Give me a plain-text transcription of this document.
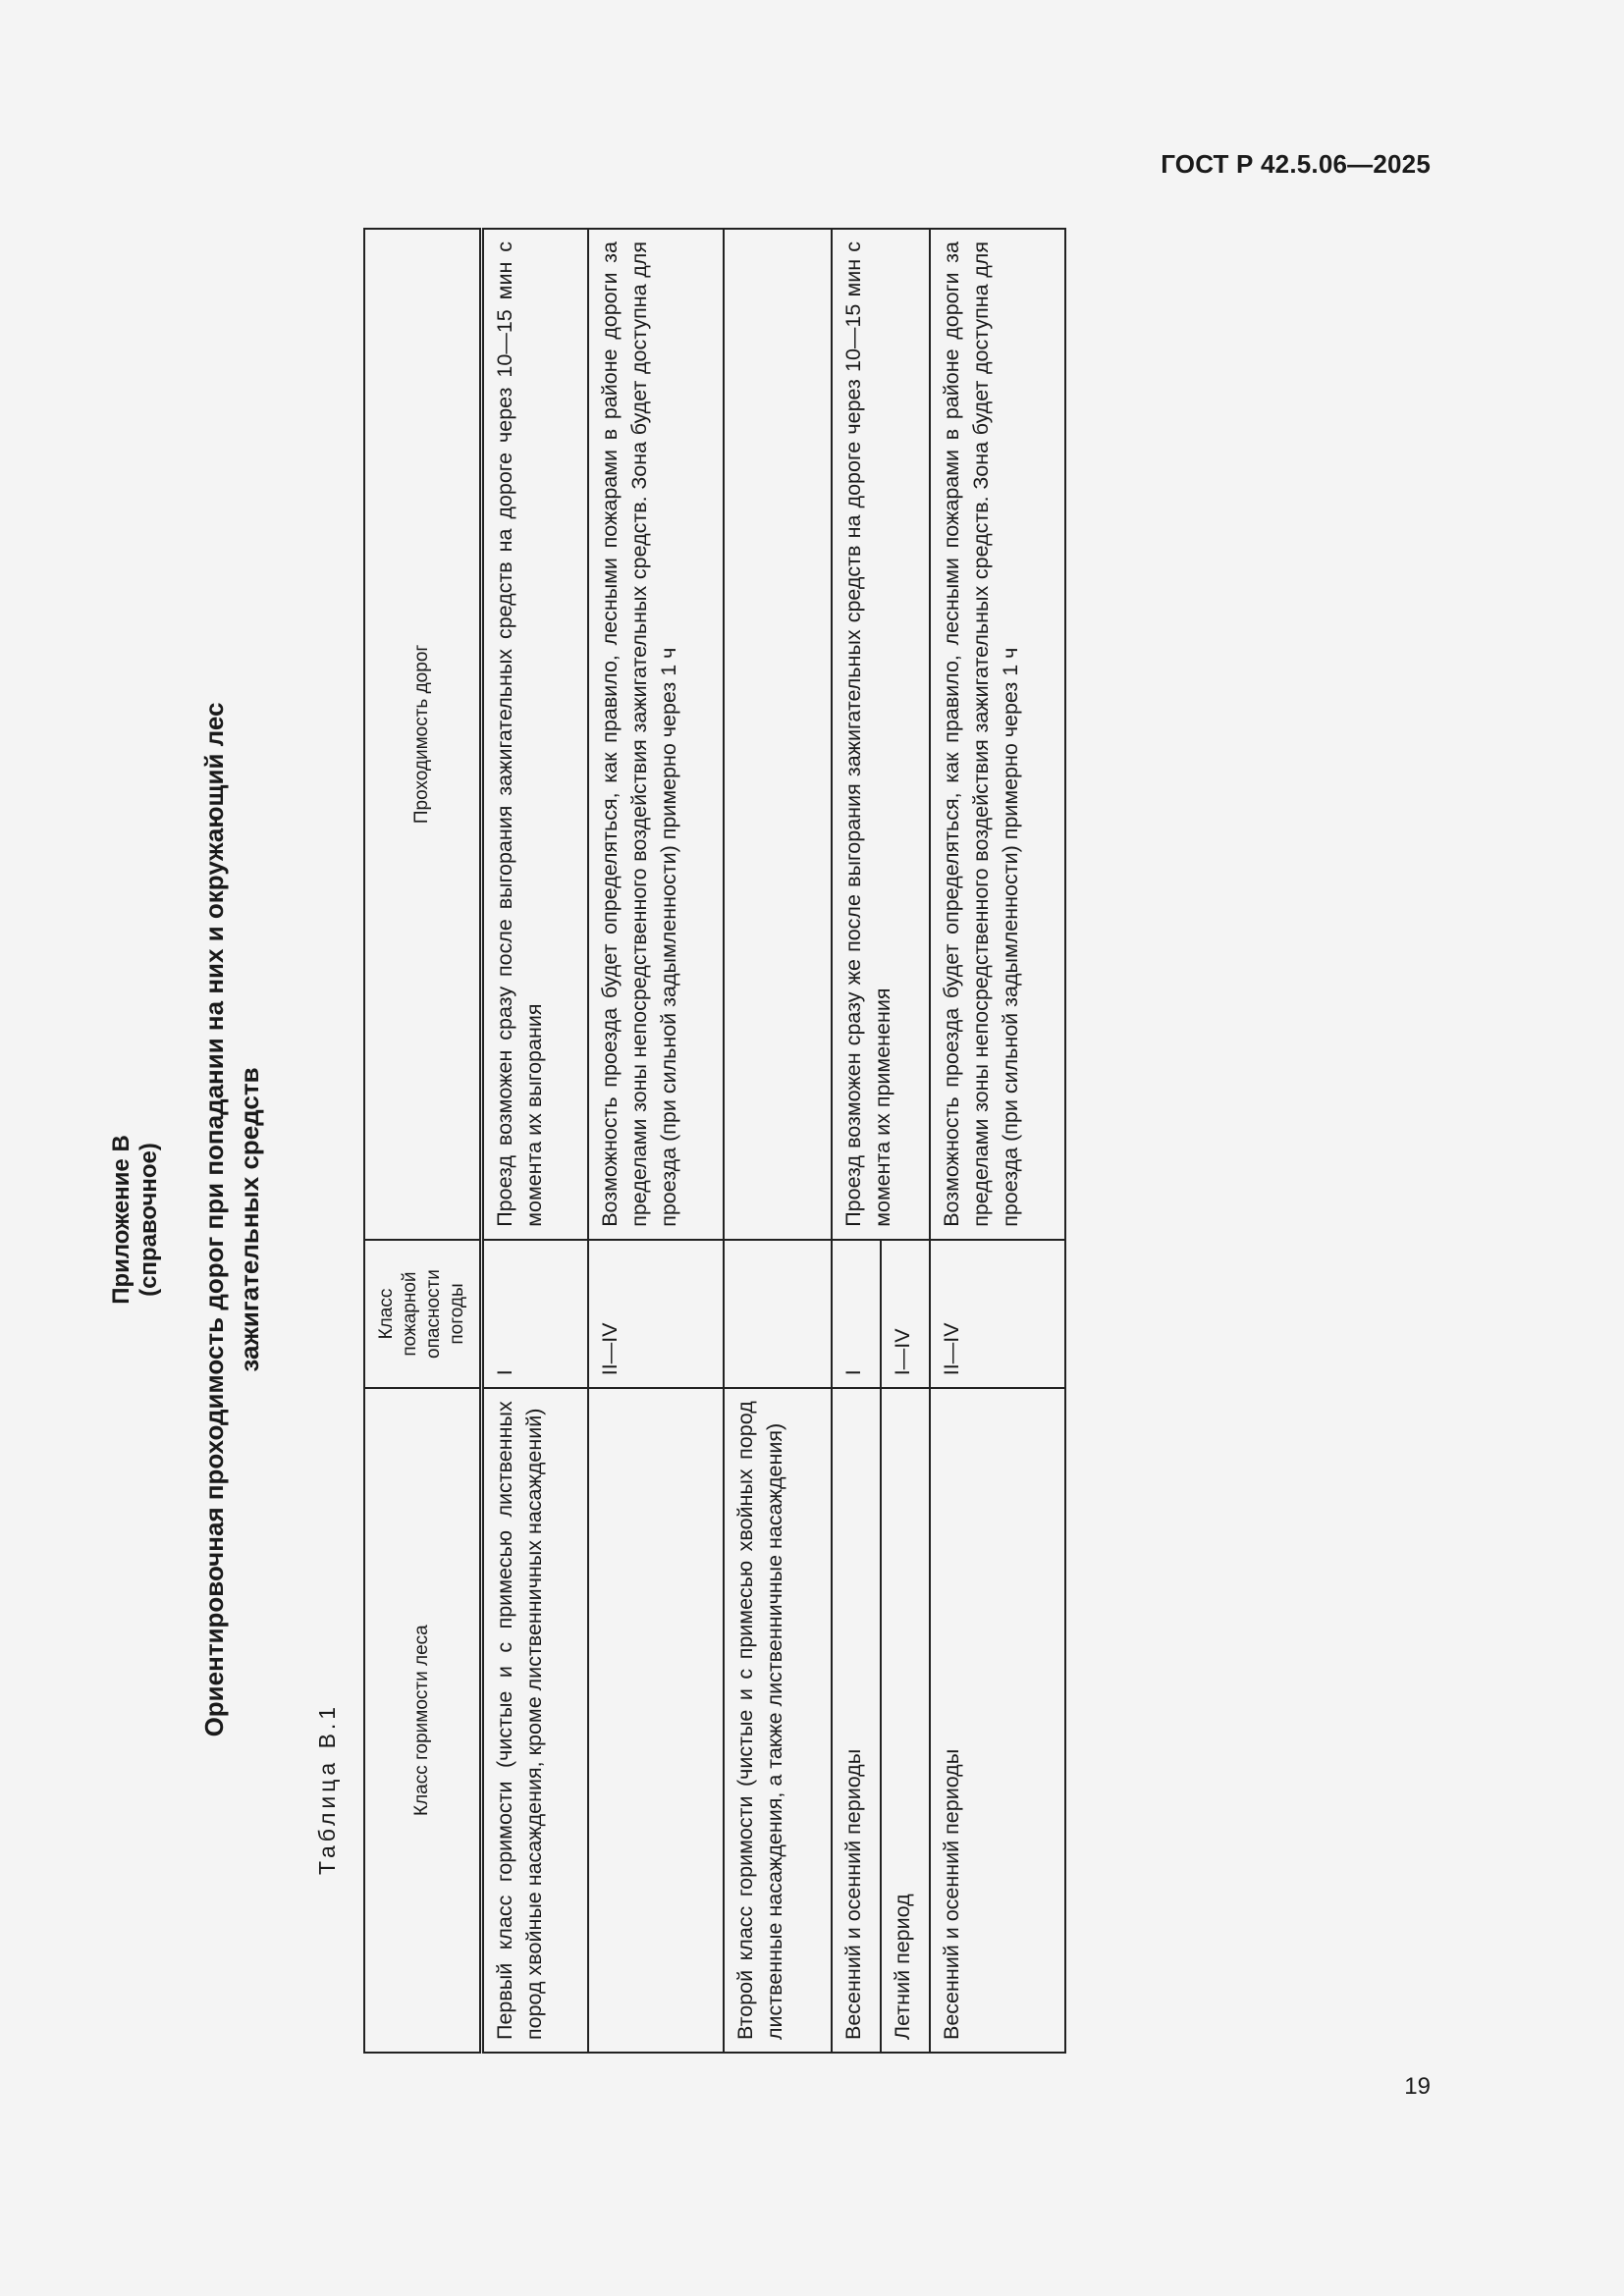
ГОСТ Р 42.5.06—2025
Приложение В (справочное) Ориентировочная проходимость дорог при попадании на них и окружающий лес зажигательных средств
Таблица В.1	Класс горимости леса	Класс пожарной опасности погоды	Проходимость дорог
Первый класс горимости (чистые и с примесью лиственных пород хвойные насаждения, кроме лиственничных насаждений)	I	Проезд возможен сразу после выгорания зажигательных средств на дороге через 10—15 мин с момента их выгорания
	II—IV	Возможность проезда будет определяться, как правило, лесными пожарами в районе дороги за пределами зоны непосредственного воздействия зажигательных средств. Зона будет доступна для проезда (при сильной задымленности) примерно через 1 ч
Второй класс горимости (чистые и с примесью хвойных пород лиственные насаждения, а также лиственничные насаждения)		
Весенний и осенний периоды	I	Проезд возможен сразу же после выгорания зажигательных средств на дороге через 10—15 мин с момента их применения
Летний период	I—IV	
Весенний и осенний периоды	II—IV	Возможность проезда будет определяться, как правило, лесными пожарами в районе дороги за пределами зоны непосредственного воздействия зажигательных средств. Зона будет доступна для проезда (при сильной задымленности) примерно через 1 ч
19
